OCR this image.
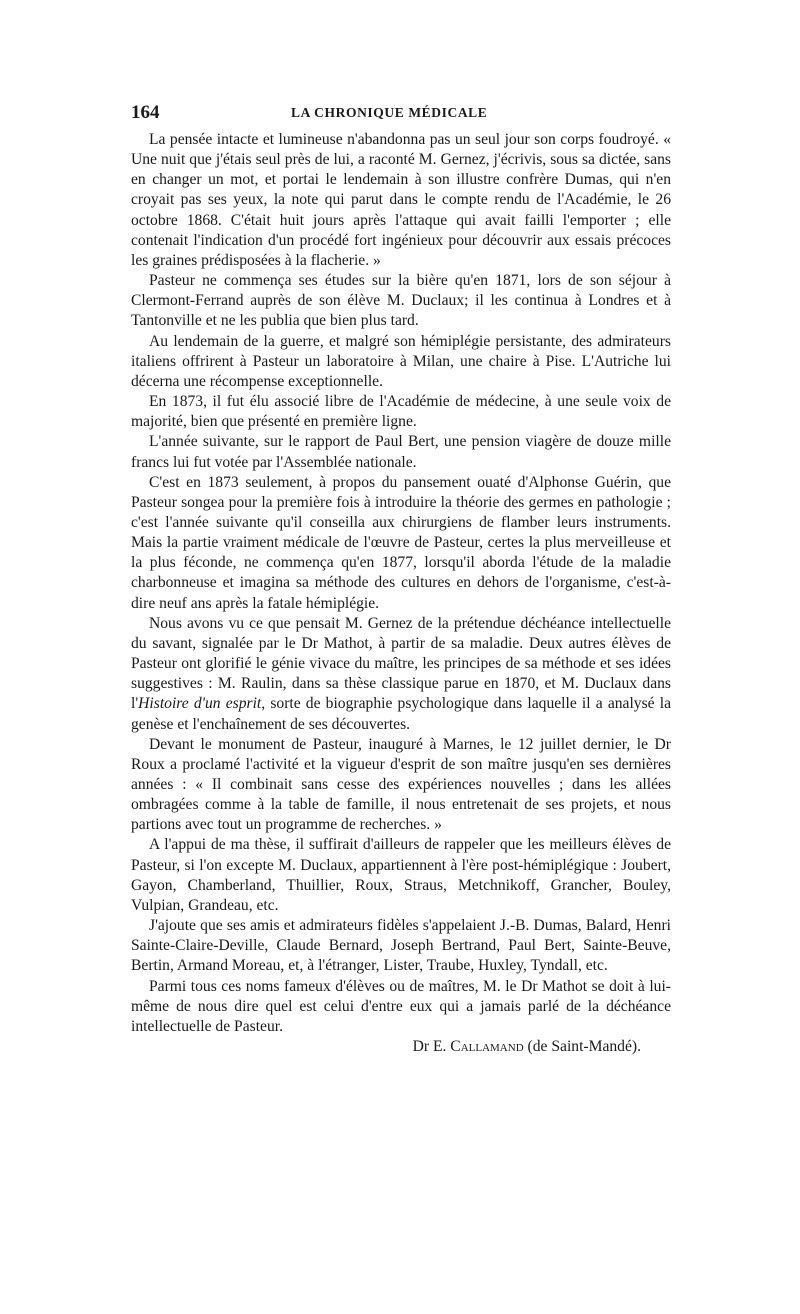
164	LA CHRONIQUE MÉDICALE

La pensée intacte et lumineuse n'abandonna pas un seul jour son corps foudroyé. « Une nuit que j'étais seul près de lui, a raconté M. Gernez, j'écrivis, sous sa dictée, sans en changer un mot, et portai le lendemain à son illustre confrère Dumas, qui n'en croyait pas ses yeux, la note qui parut dans le compte rendu de l'Académie, le 26 octobre 1868. C'était huit jours après l'attaque qui avait failli l'emporter ; elle contenait l'indication d'un procédé fort ingénieux pour découvrir aux essais précoces les graines prédisposées à la flacherie. »

Pasteur ne commença ses études sur la bière qu'en 1871, lors de son séjour à Clermont-Ferrand auprès de son élève M. Duclaux; il les continua à Londres et à Tantonville et ne les publia que bien plus tard.

Au lendemain de la guerre, et malgré son hémiplégie persistante, des admirateurs italiens offrirent à Pasteur un laboratoire à Milan, une chaire à Pise. L'Autriche lui décerna une récompense exceptionnelle.

En 1873, il fut élu associé libre de l'Académie de médecine, à une seule voix de majorité, bien que présenté en première ligne.

L'année suivante, sur le rapport de Paul Bert, une pension viagère de douze mille francs lui fut votée par l'Assemblée nationale.

C'est en 1873 seulement, à propos du pansement ouaté d'Alphonse Guérin, que Pasteur songea pour la première fois à introduire la théorie des germes en pathologie ; c'est l'année suivante qu'il conseilla aux chirurgiens de flamber leurs instruments. Mais la partie vraiment médicale de l'œuvre de Pasteur, certes la plus merveilleuse et la plus féconde, ne commença qu'en 1877, lorsqu'il aborda l'étude de la maladie charbonneuse et imagina sa méthode des cultures en dehors de l'organisme, c'est-à-dire neuf ans après la fatale hémiplégie.

Nous avons vu ce que pensait M. Gernez de la prétendue déchéance intellectuelle du savant, signalée par le Dr Mathot, à partir de sa maladie. Deux autres élèves de Pasteur ont glorifié le génie vivace du maître, les principes de sa méthode et ses idées suggestives : M. Raulin, dans sa thèse classique parue en 1870, et M. Duclaux dans l'Histoire d'un esprit, sorte de biographie psychologique dans laquelle il a analysé la genèse et l'enchaînement de ses découvertes.

Devant le monument de Pasteur, inauguré à Marnes, le 12 juillet dernier, le Dr Roux a proclamé l'activité et la vigueur d'esprit de son maître jusqu'en ses dernières années : « Il combinait sans cesse des expériences nouvelles ; dans les allées ombragées comme à la table de famille, il nous entretenait de ses projets, et nous partions avec tout un programme de recherches. »

A l'appui de ma thèse, il suffirait d'ailleurs de rappeler que les meilleurs élèves de Pasteur, si l'on excepte M. Duclaux, appartiennent à l'ère post-hémiplégique : Joubert, Gayon, Chamberland, Thuillier, Roux, Straus, Metchnikoff, Grancher, Bouley, Vulpian, Grandeau, etc.

J'ajoute que ses amis et admirateurs fidèles s'appelaient J.-B. Dumas, Balard, Henri Sainte-Claire-Deville, Claude Bernard, Joseph Bertrand, Paul Bert, Sainte-Beuve, Bertin, Armand Moreau, et, à l'étranger, Lister, Traube, Huxley, Tyndall, etc.

Parmi tous ces noms fameux d'élèves ou de maîtres, M. le Dr Mathot se doit à lui-même de nous dire quel est celui d'entre eux qui a jamais parlé de la déchéance intellectuelle de Pasteur.

Dr E. Callamand (de Saint-Mandé).
